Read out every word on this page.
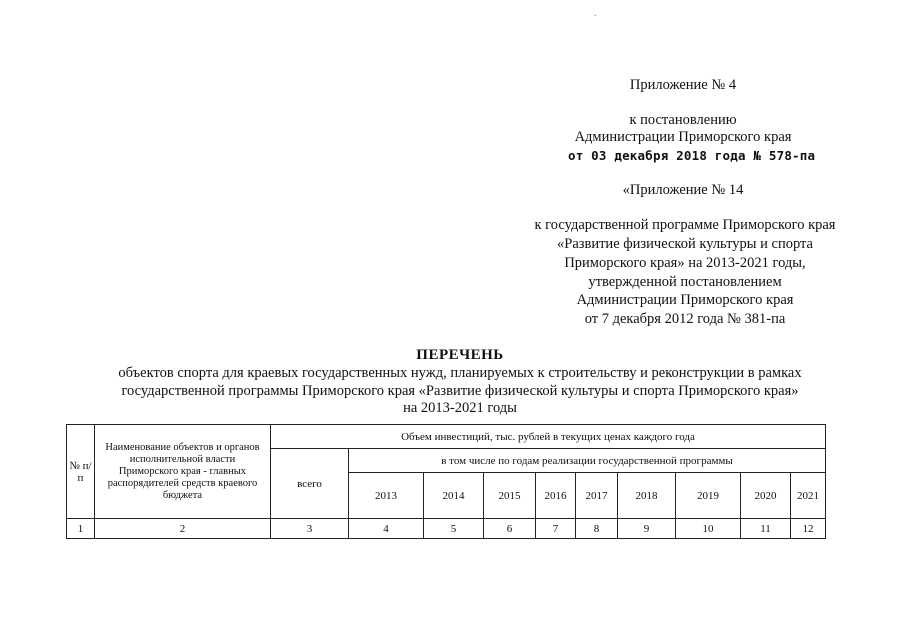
.
Приложение № 4
к постановлению
Администрации Приморского края
от 03 декабря 2018 года № 578-па
«Приложение № 14
к государственной программе Приморского края
«Развитие физической культуры и спорта
Приморского края» на 2013-2021 годы,
утвержденной постановлением
Администрации Приморского края
от 7 декабря 2012 года № 381-па
ПЕРЕЧЕНЬ
объектов спорта для краевых государственных нужд, планируемых к строительству и реконструкции в рамках
государственной программы Приморского края «Развитие физической культуры и спорта Приморского края»
на 2013-2021 годы
№ п/п	Наименование объектов и органов исполнительной власти Приморского края - главных распорядителей средств краевого бюджета	Объем инвестиций, тыс. рублей в текущих ценах каждого года									
		всего	в том числе по годам реализации государственной программы								
			2013	2014	2015	2016	2017	2018	2019	2020	2021
1	2	3	4	5	6	7	8	9	10	11	12
